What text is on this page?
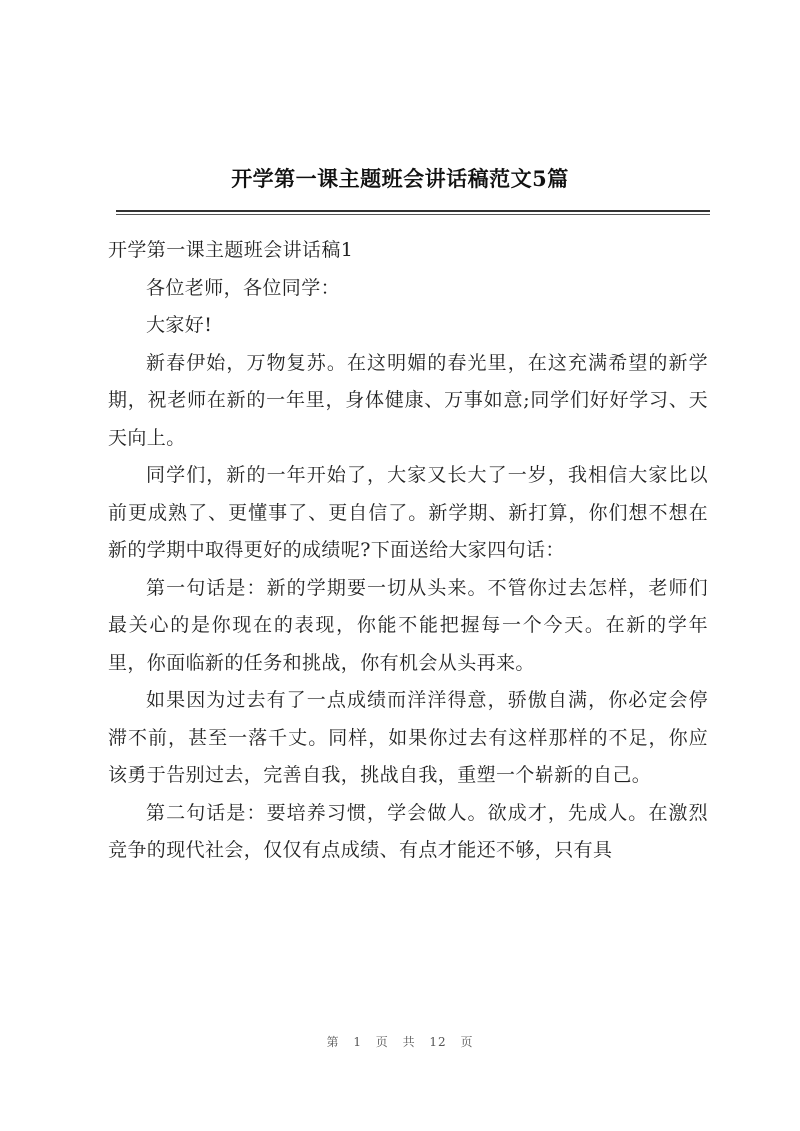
开学第一课主题班会讲话稿范文5篇
开学第一课主题班会讲话稿1

各位老师，各位同学：

大家好!

新春伊始，万物复苏。在这明媚的春光里，在这充满希望的新学期，祝老师在新的一年里，身体健康、万事如意;同学们好好学习、天天向上。

同学们，新的一年开始了，大家又长大了一岁，我相信大家比以前更成熟了、更懂事了、更自信了。新学期、新打算，你们想不想在新的学期中取得更好的成绩呢?下面送给大家四句话：

第一句话是：新的学期要一切从头来。不管你过去怎样，老师们最关心的是你现在的表现，你能不能把握每一个今天。在新的学年里，你面临新的任务和挑战，你有机会从头再来。

如果因为过去有了一点成绩而洋洋得意，骄傲自满，你必定会停滞不前，甚至一落千丈。同样，如果你过去有这样那样的不足，你应该勇于告别过去，完善自我，挑战自我，重塑一个崭新的自己。

第二句话是：要培养习惯，学会做人。欲成才，先成人。在激烈竞争的现代社会，仅仅有点成绩、有点才能还不够，只有具

第 1 页 共 12 页
